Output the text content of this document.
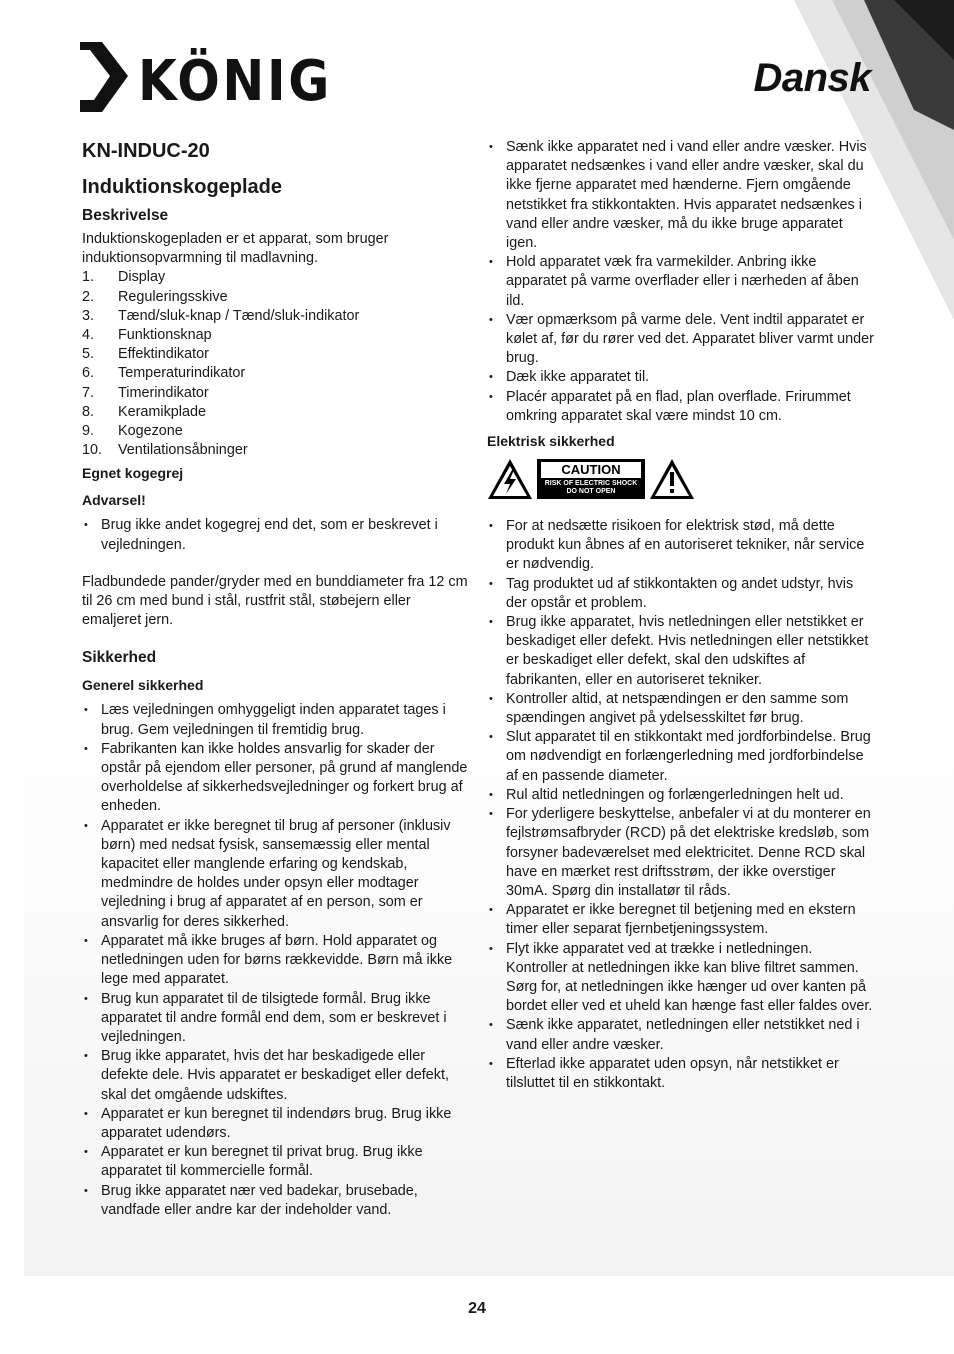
KÖNIG	Dansk
KN-INDUC-20
Induktionskogeplade
Beskrivelse

Induktionskogepladen er et apparat, som bruger induktionsopvarmning til madlavning.

1.	Display
2.	Reguleringsskive
3.	Tænd/sluk-knap / Tænd/sluk-indikator
4.	Funktionsknap
5.	Effektindikator
6.	Temperaturindikator
7.	Timerindikator
8.	Keramikplade
9.	Kogezone
10.	Ventilationsåbninger
Egnet kogegrej
Advarsel!
• Brug ikke andet kogegrej end det, som er beskrevet i vejledningen.

Fladbundede pander/gryder med en bunddiameter fra 12 cm til 26 cm med bund i stål, rustfrit stål, støbejern eller emaljeret jern.

Sikkerhed
Generel sikkerhed
• Læs vejledningen omhyggeligt inden apparatet tages i brug. Gem vejledningen til fremtidig brug.
• Fabrikanten kan ikke holdes ansvarlig for skader der opstår på ejendom eller personer, på grund af manglende overholdelse af sikkerhedsvejledninger og forkert brug af enheden.
• Apparatet er ikke beregnet til brug af personer (inklusiv børn) med nedsat fysisk, sansemæssig eller mental kapacitet eller manglende erfaring og kendskab, medmindre de holdes under opsyn eller modtager vejledning i brug af apparatet af en person, som er ansvarlig for deres sikkerhed.
• Apparatet må ikke bruges af børn. Hold apparatet og netledningen uden for børns rækkevidde. Børn må ikke lege med apparatet.
• Brug kun apparatet til de tilsigtede formål. Brug ikke apparatet til andre formål end dem, som er beskrevet i vejledningen.
• Brug ikke apparatet, hvis det har beskadigede eller defekte dele. Hvis apparatet er beskadiget eller defekt, skal det omgående udskiftes.
• Apparatet er kun beregnet til indendørs brug. Brug ikke apparatet udendørs.
• Apparatet er kun beregnet til privat brug. Brug ikke apparatet til kommercielle formål.
• Brug ikke apparatet nær ved badekar, brusebade, vandfade eller andre kar der indeholder vand.
• Sænk ikke apparatet ned i vand eller andre væsker. Hvis apparatet nedsænkes i vand eller andre væsker, skal du ikke fjerne apparatet med hænderne. Fjern omgående netstikket fra stikkontakten. Hvis apparatet nedsænkes i vand eller andre væsker, må du ikke bruge apparatet igen.
• Hold apparatet væk fra varmekilder. Anbring ikke apparatet på varme overflader eller i nærheden af åben ild.
• Vær opmærksom på varme dele. Vent indtil apparatet er kølet af, før du rører ved det. Apparatet bliver varmt under brug.
• Dæk ikke apparatet til.
• Placér apparatet på en flad, plan overflade. Frirummet omkring apparatet skal være mindst 10 cm.
Elektrisk sikkerhed
CAUTION
RISK OF ELECTRIC SHOCK
DO NOT OPEN
• For at nedsætte risikoen for elektrisk stød, må dette produkt kun åbnes af en autoriseret tekniker, når service er nødvendig.
• Tag produktet ud af stikkontakten og andet udstyr, hvis der opstår et problem.
• Brug ikke apparatet, hvis netledningen eller netstikket er beskadiget eller defekt. Hvis netledningen eller netstikket er beskadiget eller defekt, skal den udskiftes af fabrikanten, eller en autoriseret tekniker.
• Kontroller altid, at netspændingen er den samme som spændingen angivet på ydelsesskiltet før brug.
• Slut apparatet til en stikkontakt med jordforbindelse. Brug om nødvendigt en forlængerledning med jordforbindelse af en passende diameter.
• Rul altid netledningen og forlængerledningen helt ud.
• For yderligere beskyttelse, anbefaler vi at du monterer en fejlstrømsafbryder (RCD) på det elektriske kredsløb, som forsyner badeværelset med elektricitet. Denne RCD skal have en mærket rest driftsstrøm, der ikke overstiger 30mA. Spørg din installatør til råds.
• Apparatet er ikke beregnet til betjening med en ekstern timer eller separat fjernbetjeningssystem.
• Flyt ikke apparatet ved at trække i netledningen. Kontroller at netledningen ikke kan blive filtret sammen. Sørg for, at netledningen ikke hænger ud over kanten på bordet eller ved et uheld kan hænge fast eller faldes over.
• Sænk ikke apparatet, netledningen eller netstikket ned i vand eller andre væsker.
• Efterlad ikke apparatet uden opsyn, når netstikket er tilsluttet til en stikkontakt.
24
